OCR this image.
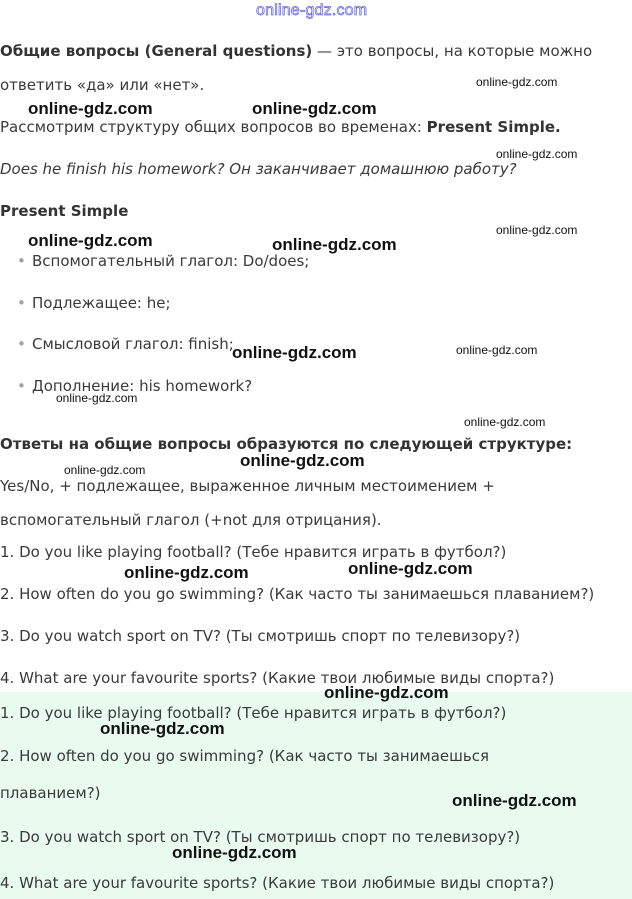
online-gdz.com
Общие вопросы (General questions) — это вопросы, на которые можно
ответить «да» или «нет».
Рассмотрим структуру общих вопросов во временах: Present Simple.
Does he finish his homework? Он заканчивает домашнюю работу?
Present Simple
• Вспомогательный глагол: Do/does;
• Подлежащее: he;
• Смысловой глагол: finish;
• Дополнение: his homework?
Ответы на общие вопросы образуются по следующей структуре:
Yes/No, + подлежащее, выраженное личным местоимением +
вспомогательный глагол (+not для отрицания).
1. Do you like playing football? (Тебе нравится играть в футбол?)
2. How often do you go swimming? (Как часто ты занимаешься плаванием?)
3. Do you watch sport on TV? (Ты смотришь спорт по телевизору?)
4. What are your favourite sports? (Какие твои любимые виды спорта?)
1. Do you like playing football? (Тебе нравится играть в футбол?)
2. How often do you go swimming? (Как часто ты занимаешься
плаванием?)
3. Do you watch sport on TV? (Ты смотришь спорт по телевизору?)
4. What are your favourite sports? (Какие твои любимые виды спорта?)
online-gdz.com
online-gdz.com	online-gdz.com
online-gdz.com
online-gdz.com
online-gdz.com	online-gdz.com
online-gdz.com	online-gdz.com
online-gdz.com
online-gdz.com
online-gdz.com
online-gdz.com
online-gdz.com
online-gdz.com
online-gdz.com
online-gdz.com
online-gdz.com
online-gdz.com
